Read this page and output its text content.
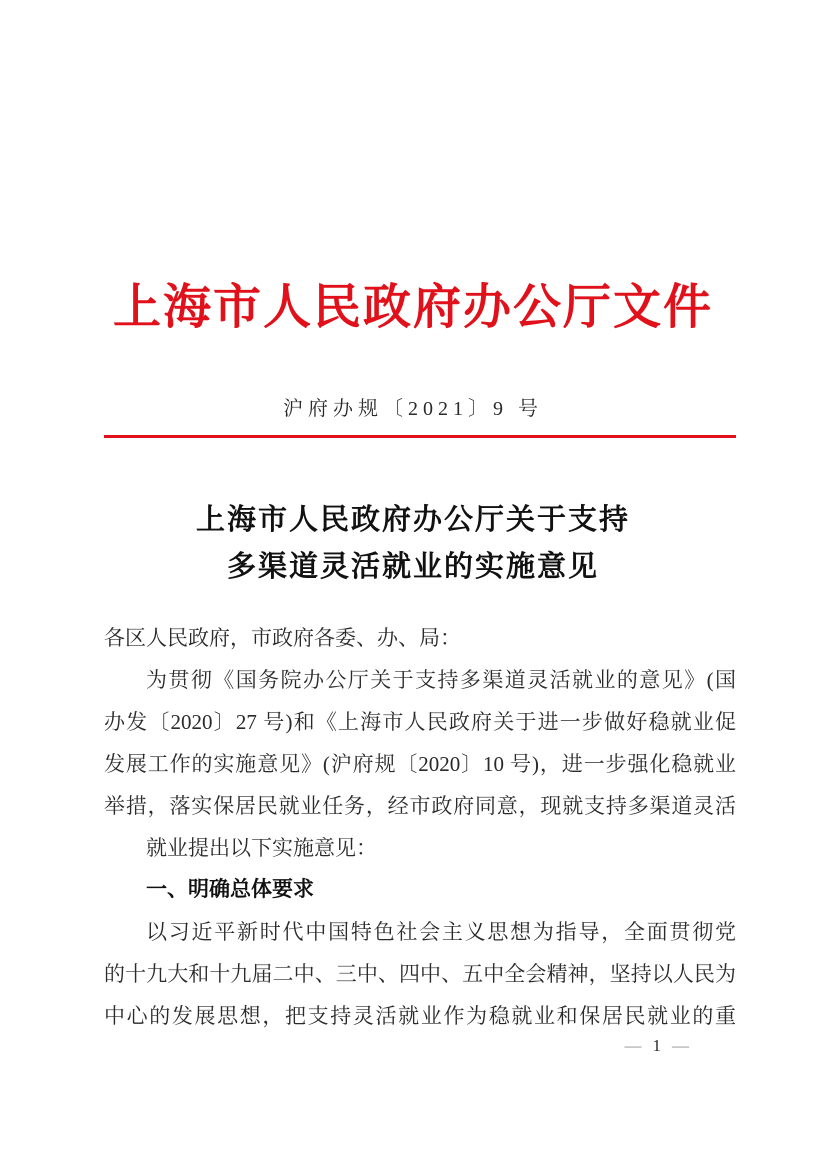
上海市人民政府办公厅文件
沪府办规〔2021〕9 号
上海市人民政府办公厅关于支持
多渠道灵活就业的实施意见
各区人民政府，市政府各委、办、局：
为贯彻《国务院办公厅关于支持多渠道灵活就业的意见》(国
办发〔2020〕27 号)和《上海市人民政府关于进一步做好稳就业促
发展工作的实施意见》(沪府规〔2020〕10 号)，进一步强化稳就业
举措，落实保居民就业任务，经市政府同意，现就支持多渠道灵活
就业提出以下实施意见：
一、明确总体要求
以习近平新时代中国特色社会主义思想为指导，全面贯彻党
的十九大和十九届二中、三中、四中、五中全会精神，坚持以人民为
中心的发展思想，把支持灵活就业作为稳就业和保居民就业的重
— 1 —
